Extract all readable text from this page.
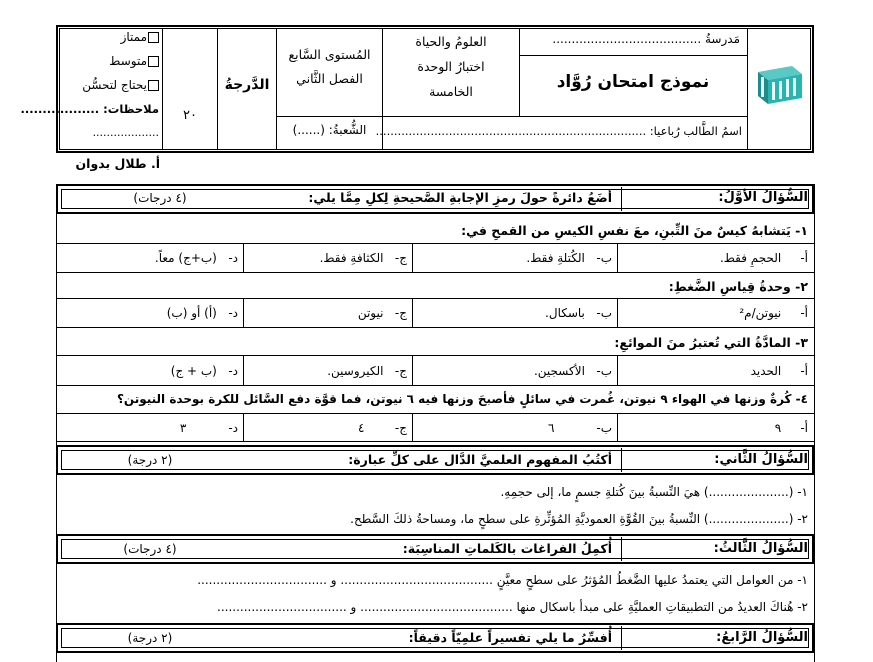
مَدرسةُ .......................................
نموذج امتحان رُوَّاد
اسمُ الطَّالب رُباعيا: ..........................................................................
العلومُ والحياة
اختبارُ الوحدة
الخامسة
المُستوى السَّابع
الفصل الثَّاني
الشُّعبةُ: (......)
الدَّرجةُ
٢٠
ممتاز
متوسط
يحتاج لتحسُّن
ملاحظات: ..................
...................
أ. طلال بدوان
السُّؤالُ الأوَّلُ:
أضَعُ دائرةً حولَ رمزِ الإجابةِ الصَّحيحةِ لِكلِ مِمَّا يلي:
(٤ درجات)
١- يَتشابهُ كيسٌ منَ التِّبنِ، معَ نفسِ الكيسِ من القمحِ في:
أ-     الحجمِ فقط.
ب-   الكُتلةِ فقط.
ج-   الكثافةِ فقط.
د-   (ب+ج) معاً.
٢- وحدةُ قِياسِ الضَّغطِ:
أ-     نيوتن/م²
ب-   باسكال.
ج-   نيوتن
د-   (أ) أو (ب)
٣- المادَّةُ التي تُعتبرُ منَ الموائعِ:
أ-     الحديد
ب-   الأكسجين.
ج-   الكيروسين.
د-   (ب + ج)
٤- كُرةٌ وزنها في الهواء ٩ نيوتن، غُمرت في سائلٍ فأصبحَ وزنها فيه ٦ نيوتن، فما قوَّة دفع السَّائل للكرة بوحدة النيوتن؟
أ-     ٩
ب-           ٦
ج-        ٤
د-           ٣
السُّؤالُ الثَّاني:
أكتُبُ المفهوم العلميَّ الدَّال على كلِّ عبارة:
(٢ درجة)
١- (.....................) هيَ النِّسبةُ بينَ كُتلةِ جسمٍ ما، إلى حجمِهِ.
٢- (.....................) النِّسبةُ بينَ القُوَّةِ العموديَّةِ المُؤثِّرةِ على سطحٍ ما، ومساحةُ ذلكَ السَّطح.
السُّؤالُ الثَّالثُ:
أُكمِلُ الفراغات بالكَلماتِ المناسِبَة:
(٤ درجات)
١- من العوامل التي يعتمدُ عليها الضَّغطُ المُؤثرُ على سطحٍ معيَّنٍ ........................................ و ..................................
٢- هُناكَ العديدُ من التطبيقاتِ العمليَّةِ على مبدأ باسكال منها ........................................ و ..................................
السُّؤالُ الرَّابعُ:
أُفسِّرُ ما يلي تفسيراً علمِيّاً دقيقاً:
(٢ درجة)
